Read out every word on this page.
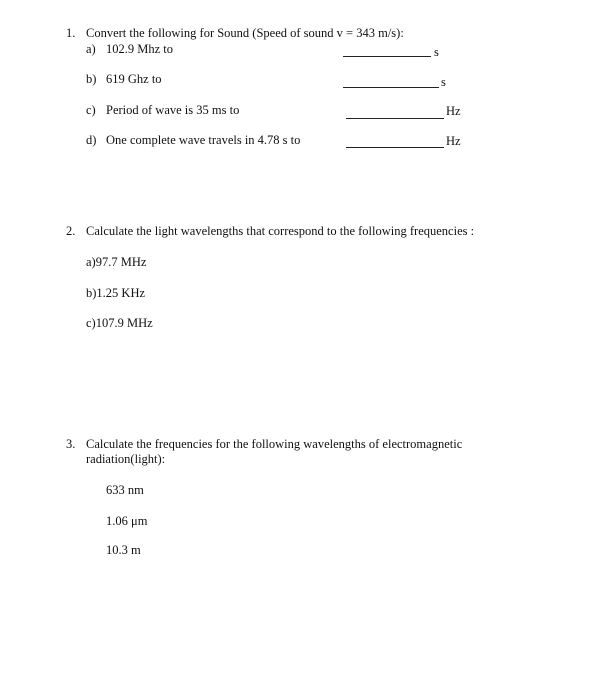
1. Convert the following for Sound (Speed of sound v = 343 m/s):
a) 102.9 Mhz to	s
b) 619 Ghz to	s
c) Period of wave is 35 ms to	Hz
d) One complete wave travels in 4.78 s to	Hz
2. Calculate the light wavelengths that correspond to the following frequencies :
a)97.7 MHz
b)1.25 KHz
c)107.9 MHz
3. Calculate the frequencies for the following wavelengths of electromagnetic
radiation(light):
633 nm
1.06 μm
10.3 m
